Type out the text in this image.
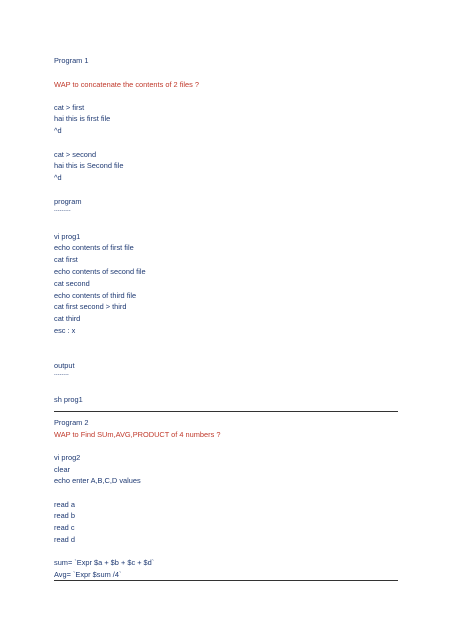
Program 1
WAP to concatenate the contents of 2 files ?
cat > first
hai this is first file
^d
cat > second
hai this is Second file
^d
program
---------
vi prog1
echo contents of first file
cat first
echo contents of second file
cat second
echo contents of third file
cat first second > third
cat third
esc : x
output
--------
sh prog1
Program 2
WAP to Find SUm,AVG,PRODUCT of 4 numbers ?
vi prog2
clear
echo enter A,B,C,D values
read a
read b
read c
read d
sum= `Expr $a + $b + $c + $d`
Avg= `Expr $sum /4`
